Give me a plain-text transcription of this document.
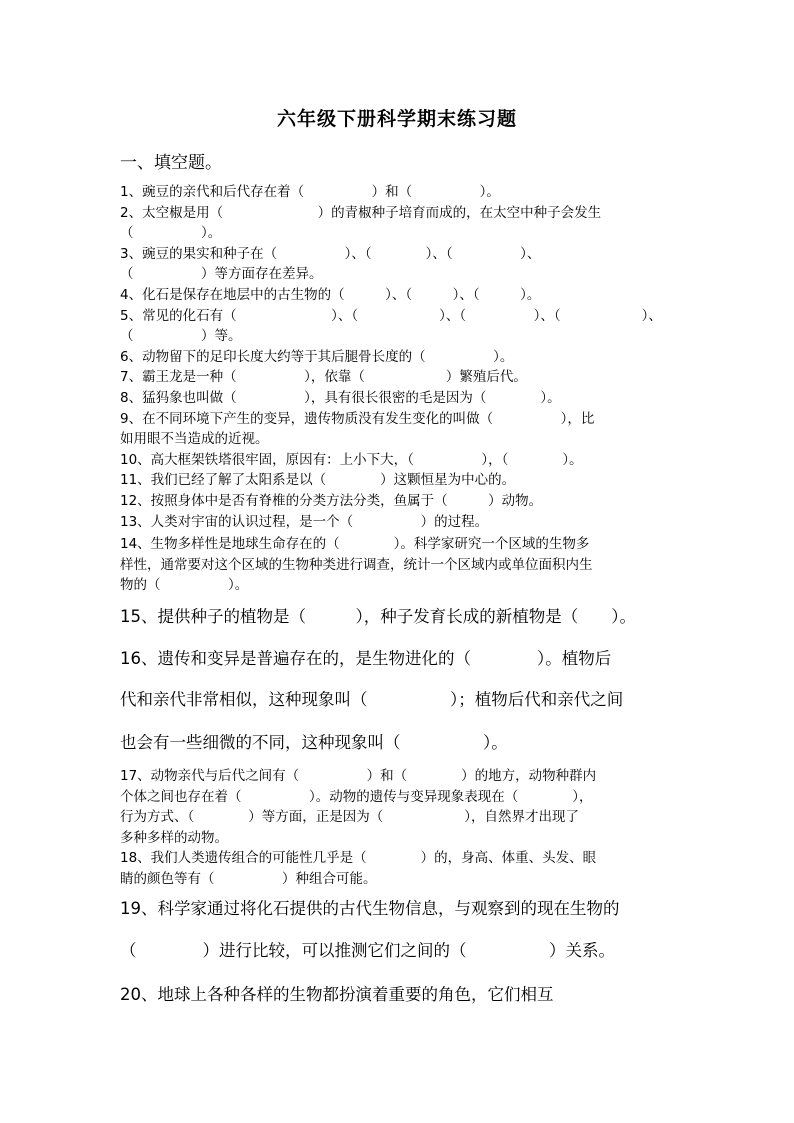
六年级下册科学期末练习题
一、填空题。

1、豌豆的亲代和后代存在着（　　　　　）和（　　　　　）。

2、太空椒是用（　　　　　　　）的青椒种子培育而成的，在太空中种子会发生

（　　　　　）。

3、豌豆的果实和种子在（　　　　　）、（　　　　）、（　　　　　）、

（　　　　　）等方面存在差异。

4、化石是保存在地层中的古生物的（　　　）、（　　　）、（　　　）。

5、常见的化石有（　　　　　　　）、（　　　　　　）、（　　　　　）、（　　　　　　）、

（　　　　　）等。

6、动物留下的足印长度大约等于其后腿骨长度的（　　　　　）。

7、霸王龙是一种（　　　　　），依靠（　　　　　　）繁殖后代。

8、猛犸象也叫做（　　　　　），具有很长很密的毛是因为（　　　　）。

9、在不同环境下产生的变异，遗传物质没有发生变化的叫做（　　　　　），比

如用眼不当造成的近视。

10、高大框架铁塔很牢固，原因有：上小下大，（　　　　　），（　　　　）。

11、我们已经了解了太阳系是以（　　　　）这颗恒星为中心的。

12、按照身体中是否有脊椎的分类方法分类，鱼属于（　　　）动物。

13、人类对宇宙的认识过程，是一个（　　　　　）的过程。

14、生物多样性是地球生命存在的（　　　　）。科学家研究一个区域的生物多

样性，通常要对这个区域的生物种类进行调查，统计一个区域内或单位面积内生

物的（　　　　　）。

15、提供种子的植物是（　　　），种子发育长成的新植物是（　　）。
16、遗传和变异是普遍存在的，是生物进化的（　　　　）。植物后
代和亲代非常相似，这种现象叫（　　　　　）；植物后代和亲代之间
也会有一些细微的不同，这种现象叫（　　　　　）。

17、动物亲代与后代之间有（　　　　　）和（　　　　）的地方，动物种群内

个体之间也存在着（　　　　　）。动物的遗传与变异现象表现在（　　　　），

行为方式、（　　　　）等方面，正是因为（　　　　　　），自然界才出现了

多种多样的动物。

18、我们人类遗传组合的可能性几乎是（　　　　）的，身高、体重、头发、眼

睛的颜色等有（　　　　　）种组合可能。

19、科学家通过将化石提供的古代生物信息，与观察到的现在生物的
（　　　　）进行比较，可以推测它们之间的（　　　　　）关系。
20、地球上各种各样的生物都扮演着重要的角色，它们相互
